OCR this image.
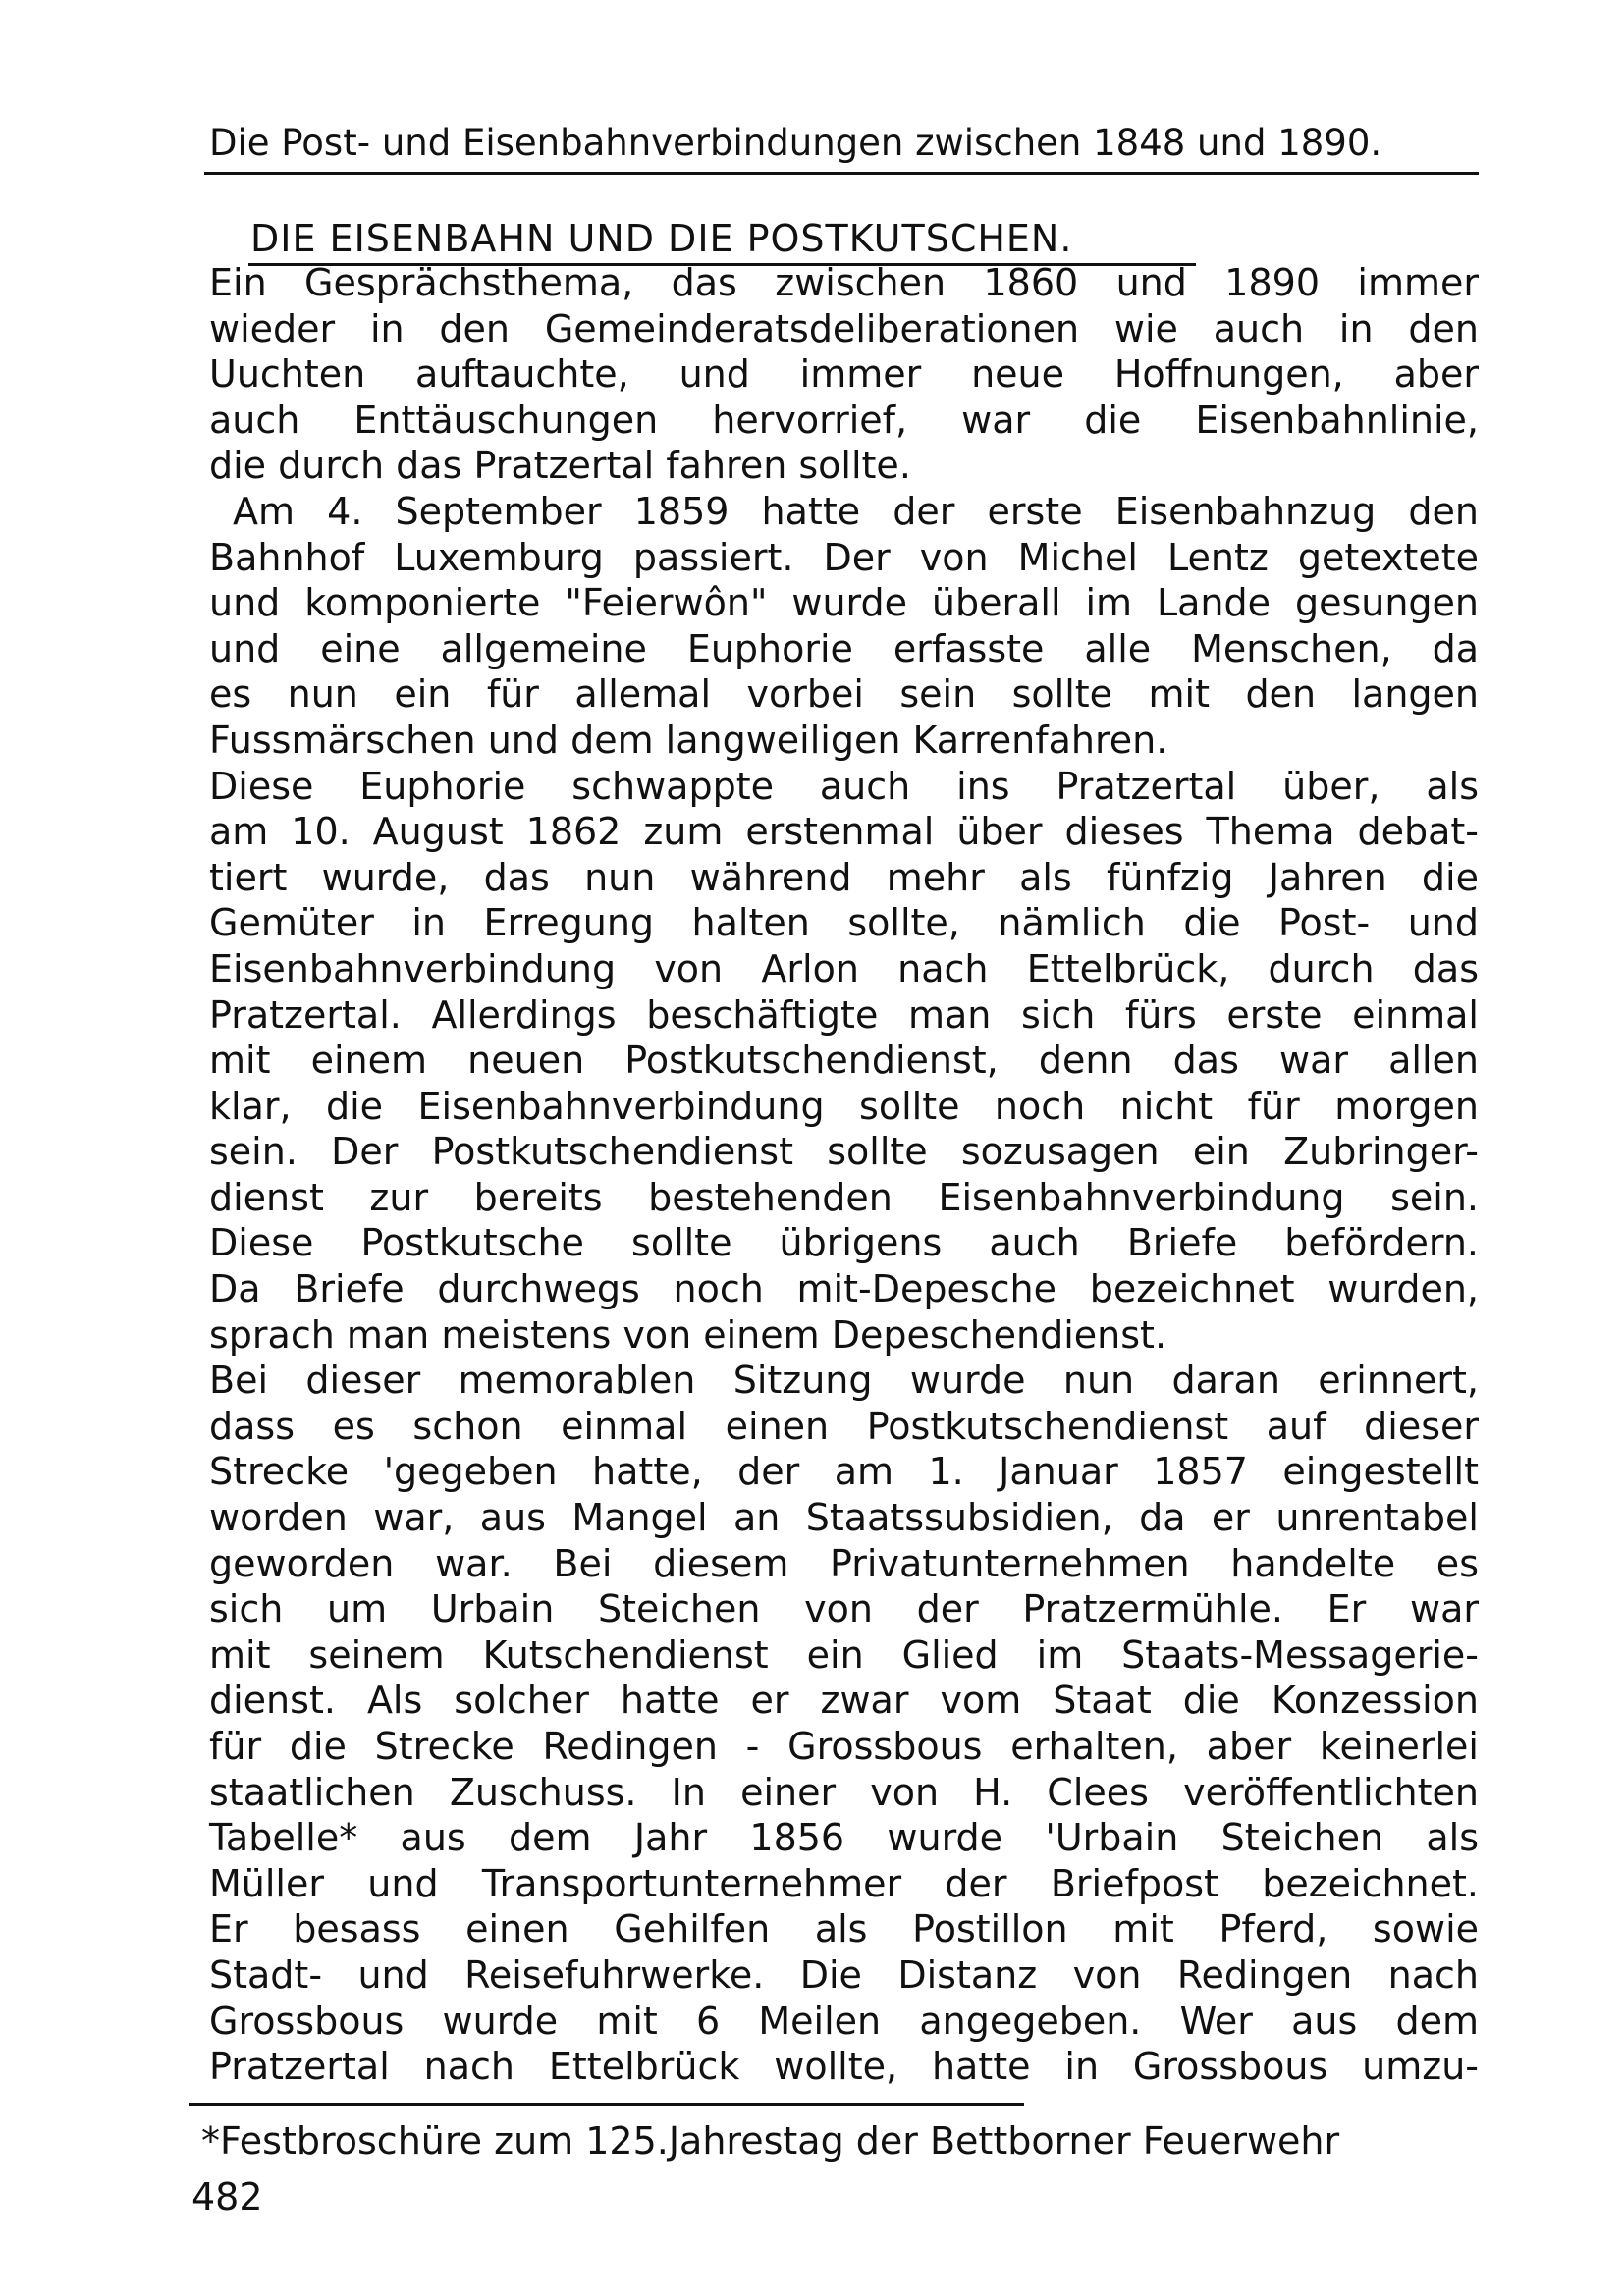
Die Post- und Eisenbahnverbindungen zwischen 1848 und 1890.
DIE EISENBAHN UND DIE POSTKUTSCHEN.
Ein Gesprächsthema, das zwischen 1860 und 1890 immer
wieder in den Gemeinderatsdeliberationen wie auch in den
Uuchten auftauchte, und immer neue Hoffnungen, aber
auch Enttäuschungen hervorrief, war die Eisenbahnlinie,
die durch das Pratzertal fahren sollte.
Am 4. September 1859 hatte der erste Eisenbahnzug den
Bahnhof Luxemburg passiert. Der von Michel Lentz getextete
und komponierte "Feierwôn" wurde überall im Lande gesungen
und eine allgemeine Euphorie erfasste alle Menschen, da
es nun ein für allemal vorbei sein sollte mit den langen
Fussmärschen und dem langweiligen Karrenfahren.
Diese Euphorie schwappte auch ins Pratzertal über, als
am 10. August 1862 zum erstenmal über dieses Thema debat-
tiert wurde, das nun während mehr als fünfzig Jahren die
Gemüter in Erregung halten sollte, nämlich die Post- und
Eisenbahnverbindung von Arlon nach Ettelbrück, durch das
Pratzertal. Allerdings beschäftigte man sich fürs erste einmal
mit einem neuen Postkutschendienst, denn das war allen
klar, die Eisenbahnverbindung sollte noch nicht für morgen
sein. Der Postkutschendienst sollte sozusagen ein Zubringer-
dienst zur bereits bestehenden Eisenbahnverbindung sein.
Diese Postkutsche sollte übrigens auch Briefe befördern.
Da Briefe durchwegs noch mit-Depesche bezeichnet wurden,
sprach man meistens von einem Depeschendienst.
Bei dieser memorablen Sitzung wurde nun daran erinnert,
dass es schon einmal einen Postkutschendienst auf dieser
Strecke 'gegeben hatte, der am 1. Januar 1857 eingestellt
worden war, aus Mangel an Staatssubsidien, da er unrentabel
geworden war. Bei diesem Privatunternehmen handelte es
sich um Urbain Steichen von der Pratzermühle. Er war
mit seinem Kutschendienst ein Glied im Staats-Messagerie-
dienst. Als solcher hatte er zwar vom Staat die Konzession
für die Strecke Redingen - Grossbous erhalten, aber keinerlei
staatlichen Zuschuss. In einer von H. Clees veröffentlichten
Tabelle* aus dem Jahr 1856 wurde 'Urbain Steichen als
Müller und Transportunternehmer der Briefpost bezeichnet.
Er besass einen Gehilfen als Postillon mit Pferd, sowie
Stadt- und Reisefuhrwerke. Die Distanz von Redingen nach
Grossbous wurde mit 6 Meilen angegeben. Wer aus dem
Pratzertal nach Ettelbrück wollte, hatte in Grossbous umzu-
*Festbroschüre zum 125.Jahrestag der Bettborner Feuerwehr
482
